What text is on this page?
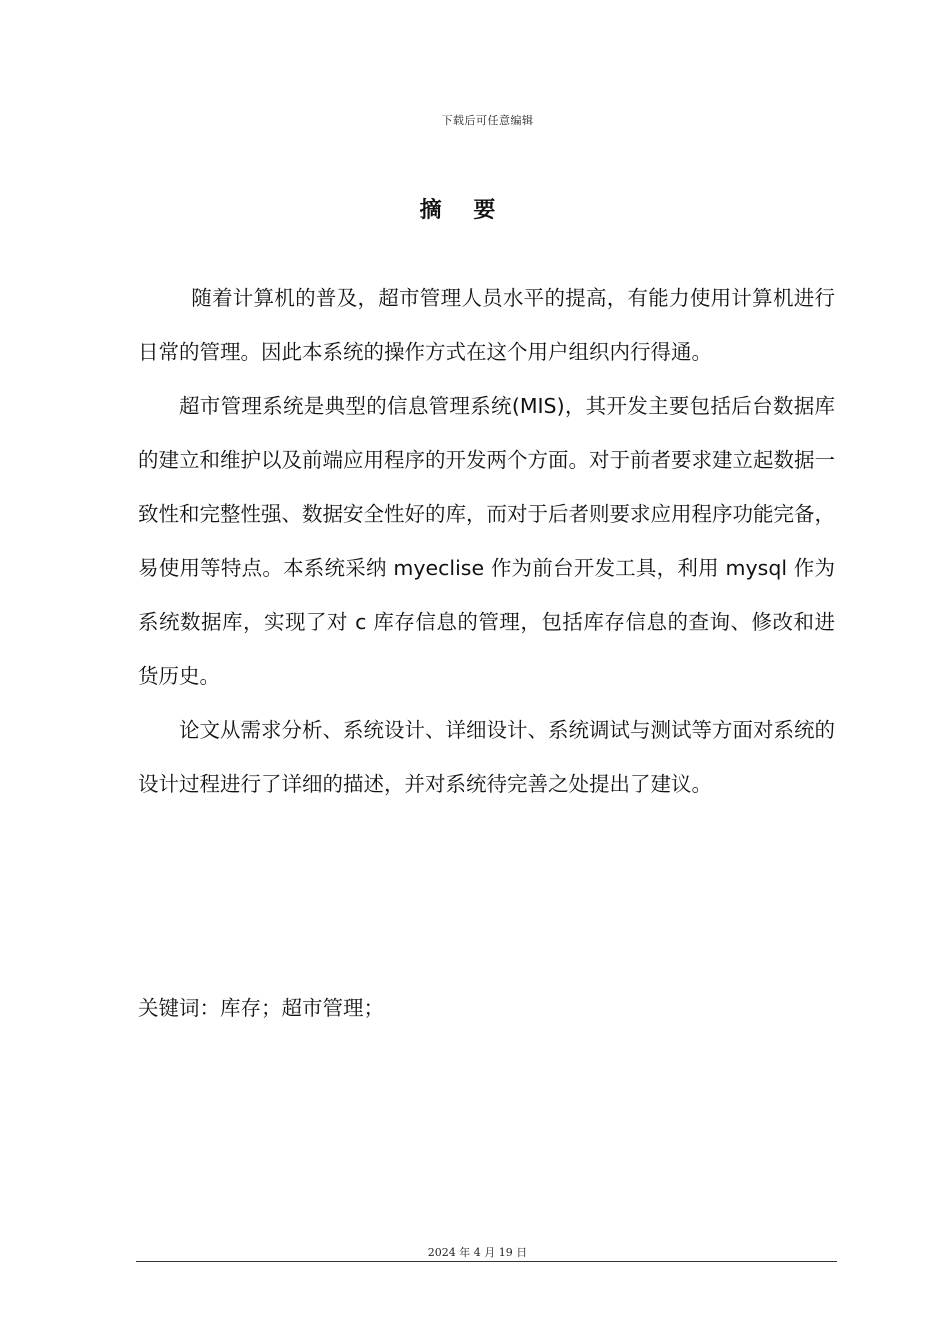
下载后可任意编辑
摘 要

随着计算机的普及，超市管理人员水平的提高，有能力使用计算机进行日常的管理。因此本系统的操作方式在这个用户组织内行得通。

超市管理系统是典型的信息管理系统(MIS)，其开发主要包括后台数据库的建立和维护以及前端应用程序的开发两个方面。对于前者要求建立起数据一致性和完整性强、数据安全性好的库，而对于后者则要求应用程序功能完备，易使用等特点。本系统采纳 myeclise 作为前台开发工具，利用 mysql 作为系统数据库，实现了对 c 库存信息的管理，包括库存信息的查询、修改和进货历史。

论文从需求分析、系统设计、详细设计、系统调试与测试等方面对系统的设计过程进行了详细的描述，并对系统待完善之处提出了建议。

关键词：库存；超市管理；
2024 年 4 月 19 日
